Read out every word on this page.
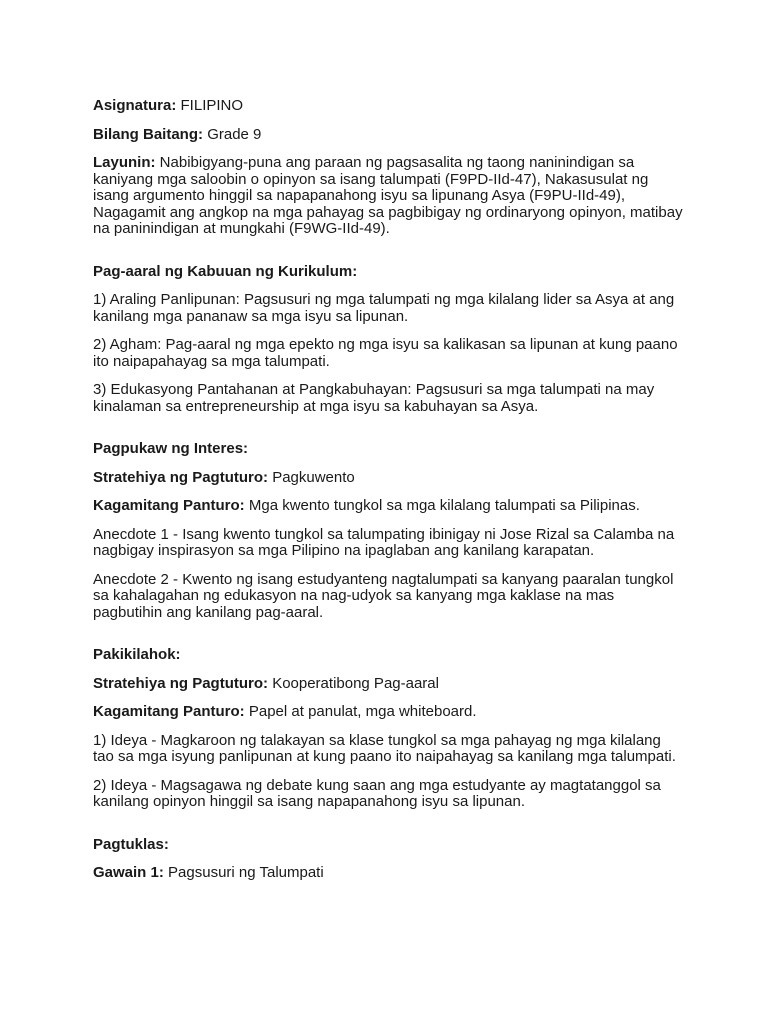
Asignatura: FILIPINO

Bilang Baitang: Grade 9

Layunin: Nabibigyang-puna ang paraan ng pagsasalita ng taong naninindigan sa kaniyang mga saloobin o opinyon sa isang talumpati (F9PD-IId-47), Nakasusulat ng isang argumento hinggil sa napapanahong isyu sa lipunang Asya (F9PU-IId-49), Nagagamit ang angkop na mga pahayag sa pagbibigay ng ordinaryong opinyon, matibay na paninindigan at mungkahi (F9WG-IId-49).

Pag-aaral ng Kabuuan ng Kurikulum:

1) Araling Panlipunan: Pagsusuri ng mga talumpati ng mga kilalang lider sa Asya at ang kanilang mga pananaw sa mga isyu sa lipunan.

2) Agham: Pag-aaral ng mga epekto ng mga isyu sa kalikasan sa lipunan at kung paano ito naipapahayag sa mga talumpati.

3) Edukasyong Pantahanan at Pangkabuhayan: Pagsusuri sa mga talumpati na may kinalaman sa entrepreneurship at mga isyu sa kabuhayan sa Asya.

Pagpukaw ng Interes:

Stratehiya ng Pagtuturo: Pagkuwento

Kagamitang Panturo: Mga kwento tungkol sa mga kilalang talumpati sa Pilipinas.

Anecdote 1 - Isang kwento tungkol sa talumpating ibinigay ni Jose Rizal sa Calamba na nagbigay inspirasyon sa mga Pilipino na ipaglaban ang kanilang karapatan.

Anecdote 2 - Kwento ng isang estudyanteng nagtalumpati sa kanyang paaralan tungkol sa kahalagahan ng edukasyon na nag-udyok sa kanyang mga kaklase na mas pagbutihin ang kanilang pag-aaral.

Pakikilahok:

Stratehiya ng Pagtuturo: Kooperatibong Pag-aaral

Kagamitang Panturo: Papel at panulat, mga whiteboard.

1) Ideya - Magkaroon ng talakayan sa klase tungkol sa mga pahayag ng mga kilalang tao sa mga isyung panlipunan at kung paano ito naipahayag sa kanilang mga talumpati.

2) Ideya - Magsagawa ng debate kung saan ang mga estudyante ay magtatanggol sa kanilang opinyon hinggil sa isang napapanahong isyu sa lipunan.

Pagtuklas:

Gawain 1: Pagsusuri ng Talumpati
